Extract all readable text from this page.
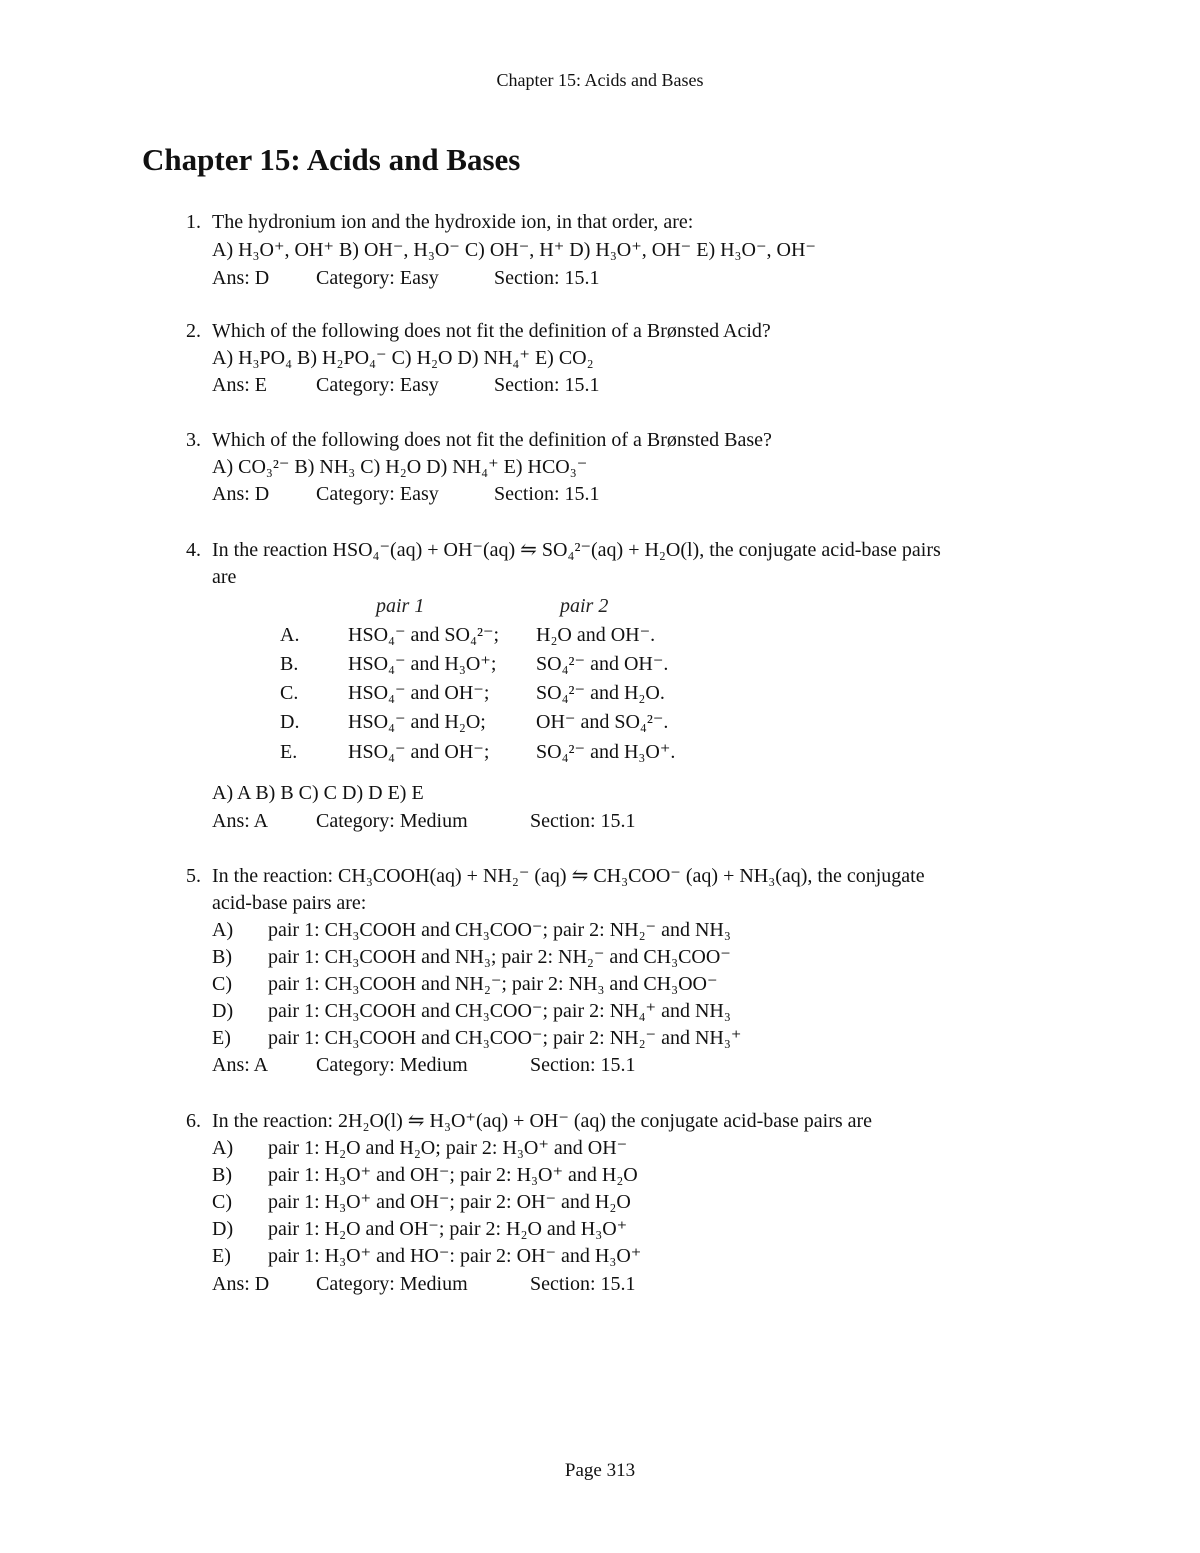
Chapter 15: Acids and Bases
Chapter 15: Acids and Bases
1. The hydronium ion and the hydroxide ion, in that order, are:
A) H₃O⁺, OH⁺ B) OH⁻, H₃O⁻ C) OH⁻, H⁺ D) H₃O⁺, OH⁻ E) H₃O⁻, OH⁻
Ans: D Category: Easy	Section: 15.1
2. Which of the following does not fit the definition of a Brønsted Acid?
A) H₃PO₄ B) H₂PO₄⁻ C) H₂O D) NH₄⁺ E) CO₂
Ans: E Category: Easy	Section: 15.1
3. Which of the following does not fit the definition of a Brønsted Base?
A) CO₃²⁻ B) NH₃ C) H₂O D) NH₄⁺ E) HCO₃⁻
Ans: D Category: Easy	Section: 15.1
4. In the reaction HSO₄⁻(aq) + OH⁻(aq) ⇋ SO₄²⁻(aq) + H₂O(l), the conjugate acid-base pairs
are
pair 1	pair 2
A. HSO₄⁻ and SO₄²⁻; H₂O and OH⁻.
B. HSO₄⁻ and H₃O⁺; SO₄²⁻ and OH⁻.
C. HSO₄⁻ and OH⁻; SO₄²⁻ and H₂O.
D. HSO₄⁻ and H₂O;	OH⁻ and SO₄²⁻.
E.	HSO₄⁻ and OH⁻; SO₄²⁻ and H₃O⁺.
A) A B) B C) C D) D E) E
Ans: A Category: Medium	Section: 15.1
5. In the reaction: CH₃COOH(aq) + NH₂⁻ (aq) ⇋ CH₃COO⁻ (aq) + NH₃(aq), the conjugate
acid-base pairs are:
A) pair 1: CH₃COOH and CH₃COO⁻; pair 2: NH₂⁻ and NH₃
B) pair 1: CH₃COOH and NH₃; pair 2: NH₂⁻ and CH₃COO⁻
C) pair 1: CH₃COOH and NH₂⁻; pair 2: NH₃ and CH₃OO⁻
D) pair 1: CH₃COOH and CH₃COO⁻; pair 2: NH₄⁺ and NH₃
E) pair 1: CH₃COOH and CH₃COO⁻; pair 2: NH₂⁻ and NH₃⁺
Ans: A Category: Medium	Section: 15.1
6. In the reaction: 2H₂O(l) ⇋ H₃O⁺(aq) + OH⁻ (aq) the conjugate acid-base pairs are
A) pair 1: H₂O and H₂O; pair 2: H₃O⁺ and OH⁻
B) pair 1: H₃O⁺ and OH⁻; pair 2: H₃O⁺ and H₂O
C) pair 1: H₃O⁺ and OH⁻; pair 2: OH⁻ and H₂O
D) pair 1: H₂O and OH⁻; pair 2: H₂O and H₃O⁺
E) pair 1: H₃O⁺ and HO⁻: pair 2: OH⁻ and H₃O⁺
Ans: D Category: Medium	Section: 15.1
Page 313
